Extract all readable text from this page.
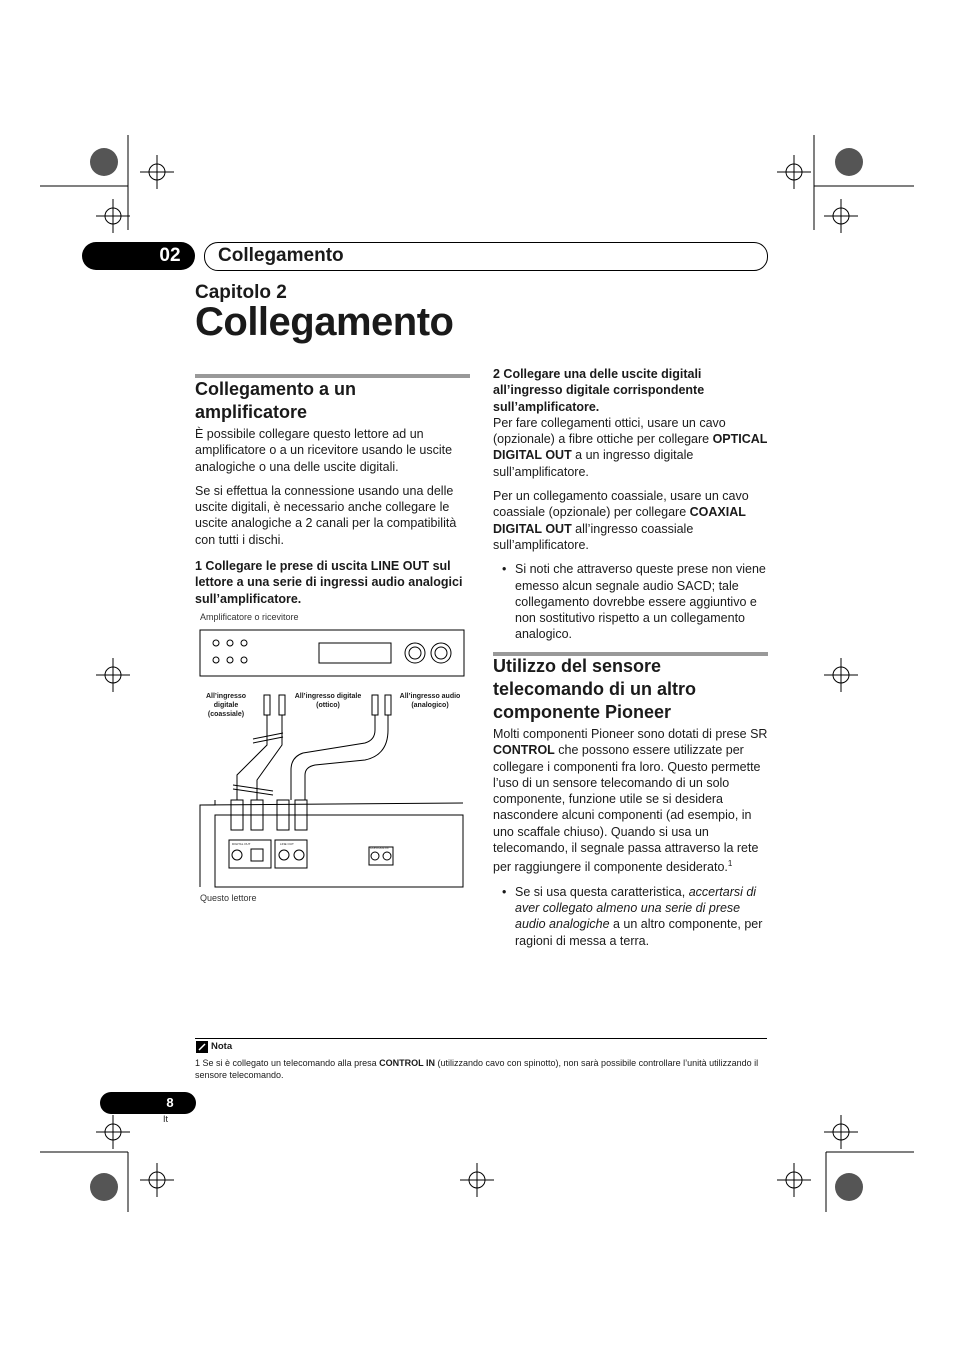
02	Collegamento
Capitolo 2
Collegamento
Collegamento a un amplificatore

È possibile collegare questo lettore ad un amplificatore o a un ricevitore usando le uscite analogiche o una delle uscite digitali.

Se si effettua la connessione usando una delle uscite digitali, è necessario anche collegare le uscite analogiche a 2 canali per la compatibilità con tutti i dischi.

1 Collegare le prese di uscita LINE OUT sul lettore a una serie di ingressi audio analogici sull’amplificatore.
Amplificatore o ricevitore
All’ingresso digitale (coassiale)
All’ingresso digitale (ottico)
All’ingresso audio (analogico)
DIGITAL OUT	LINE OUT
CONTROL IN
Questo lettore
2 Collegare una delle uscite digitali all’ingresso digitale corrispondente sull’amplificatore.

Per fare collegamenti ottici, usare un cavo (opzionale) a fibre ottiche per collegare OPTICAL DIGITAL OUT a un ingresso digitale sull’amplificatore.

Per un collegamento coassiale, usare un cavo coassiale (opzionale) per collegare COAXIAL DIGITAL OUT all’ingresso coassiale sull’amplificatore.

• Si noti che attraverso queste prese non viene emesso alcun segnale audio SACD; tale collegamento dovrebbe essere aggiuntivo e non sostitutivo rispetto a un collegamento analogico.

Utilizzo del sensore telecomando di un altro componente Pioneer

Molti componenti Pioneer sono dotati di prese SR CONTROL che possono essere utilizzate per collegare i componenti fra loro. Questo permette l’uso di un sensore telecomando di un solo componente, funzione utile se si desidera nascondere alcuni componenti (ad esempio, in uno scaffale chiuso). Quando si usa un telecomando, il segnale passa attraverso la rete per raggiungere il componente desiderato.$^1$

• Se si usa questa caratteristica, accertarsi di aver collegato almeno una serie di prese audio analogiche a un altro componente, per ragioni di messa a terra.

Nota
1 Se si è collegato un telecomando alla presa CONTROL IN (utilizzando cavo con spinotto), non sarà possibile controllare l’unità utilizzando il sensore telecomando.
8
It
